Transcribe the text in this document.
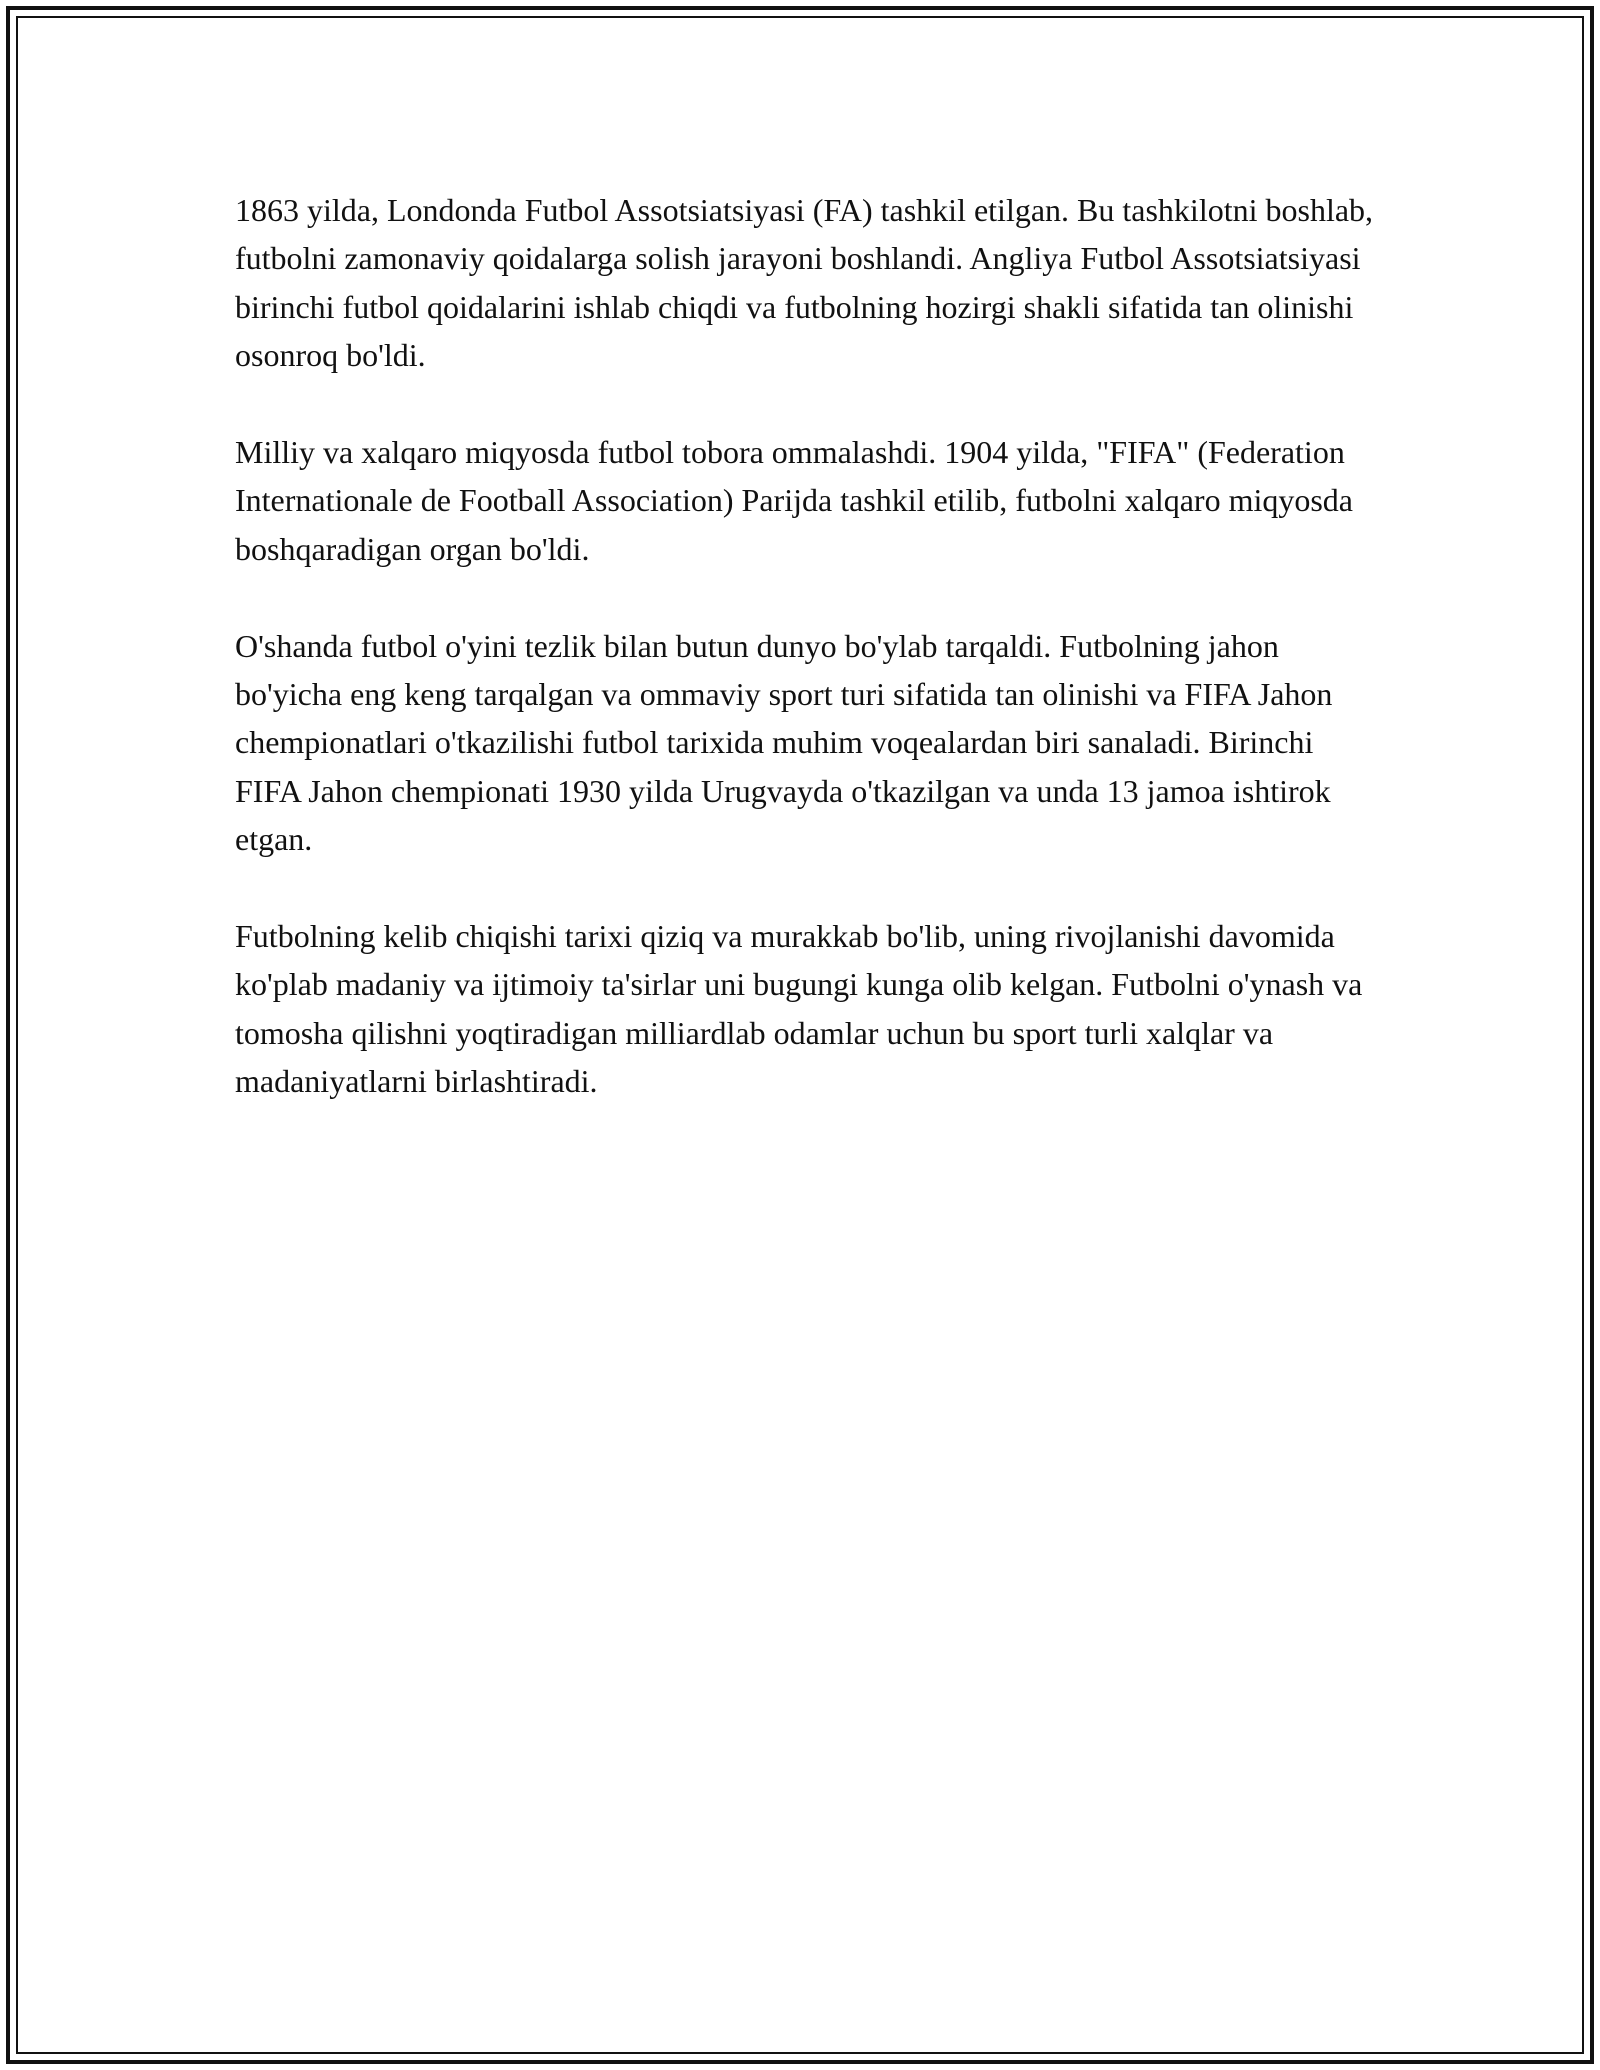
1863 yilda, Londonda Futbol Assotsiatsiyasi (FA) tashkil etilgan. Bu tashkilotni boshlab, futbolni zamonaviy qoidalarga solish jarayoni boshlandi. Angliya Futbol Assotsiatsiyasi birinchi futbol qoidalarini ishlab chiqdi va futbolning hozirgi shakli sifatida tan olinishi osonroq bo'ldi.

Milliy va xalqaro miqyosda futbol tobora ommalashdi. 1904 yilda, "FIFA" (Federation Internationale de Football Association) Parijda tashkil etilib, futbolni xalqaro miqyosda boshqaradigan organ bo'ldi.

O'shanda futbol o'yini tezlik bilan butun dunyo bo'ylab tarqaldi. Futbolning jahon bo'yicha eng keng tarqalgan va ommaviy sport turi sifatida tan olinishi va FIFA Jahon chempionatlari o'tkazilishi futbol tarixida muhim voqealardan biri sanaladi. Birinchi FIFA Jahon chempionati 1930 yilda Urugvayda o'tkazilgan va unda 13 jamoa ishtirok etgan.

Futbolning kelib chiqishi tarixi qiziq va murakkab bo'lib, uning rivojlanishi davomida ko'plab madaniy va ijtimoiy ta'sirlar uni bugungi kunga olib kelgan. Futbolni o'ynash va tomosha qilishni yoqtiradigan milliardlab odamlar uchun bu sport turli xalqlar va madaniyatlarni birlashtiradi.
